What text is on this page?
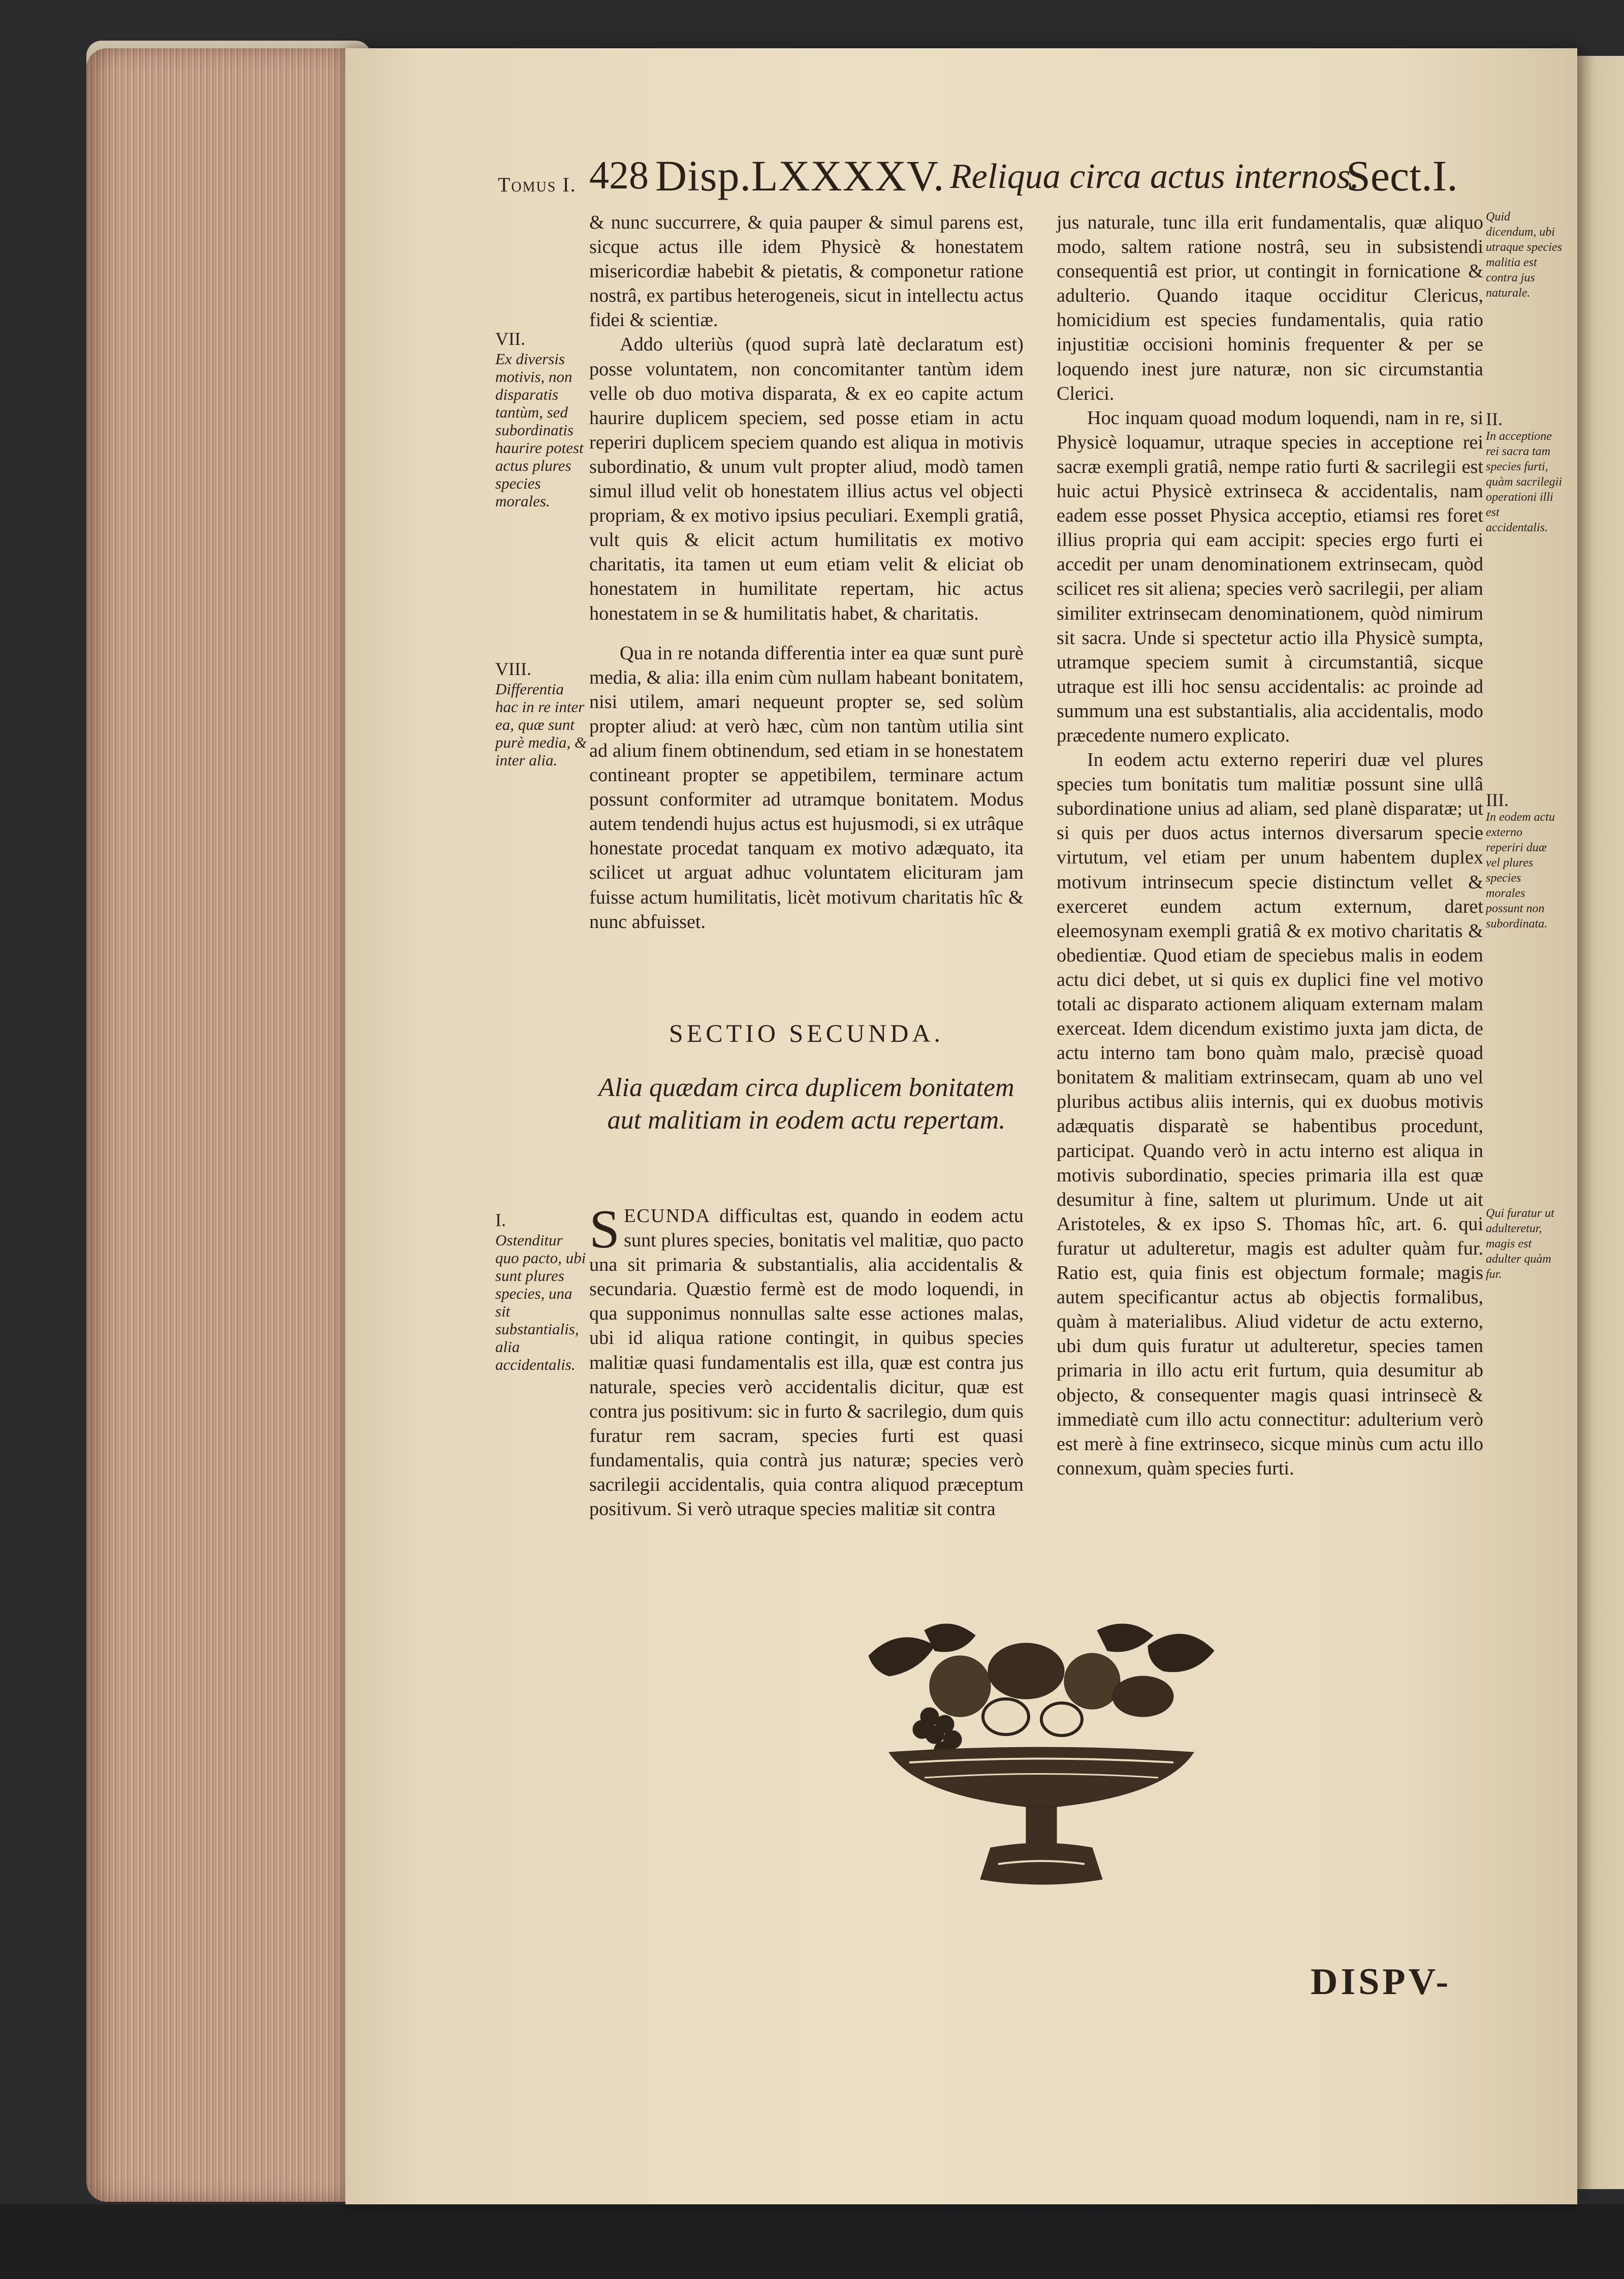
Tomus I. 428 Disp.LXXXXV. Reliqua circa actus internos.
Sect.I.

& nunc succurrere, & quia pauper & simul parens est, sicque actus ille idem Physicè & honestatem misericordiæ habebit & pietatis, & componetur ratione nostrâ, ex partibus heterogeneis, sicut in intellectu actus fidei & scientiæ.

Addo ulteriùs (quod suprà latè declaratum est) posse voluntatem, non concomitanter tantùm idem velle ob duo motiva disparata, & ex eo capite actum haurire duplicem speciem, sed posse etiam in actu reperiri duplicem speciem quando est aliqua in motivis subordinatio, & unum vult propter aliud, modò tamen simul illud velit ob honestatem illius actus vel objecti propriam, & ex motivo ipsius peculiari. Exempli gratiâ, vult quis & elicit actum humilitatis ex motivo charitatis, ita tamen ut eum etiam velit & eliciat ob honestatem in humilitate repertam, hic actus honestatem in se & humilitatis habet, & charitatis.

Qua in re notanda differentia inter ea quæ sunt purè media, & alia: illa enim cùm nullam habeant bonitatem, nisi utilem, amari nequeunt propter se, sed solùm propter aliud: at verò hæc, cùm non tantùm utilia sint ad alium finem obtinendum, sed etiam in se honestatem contineant propter se appetibilem, terminare actum possunt conformiter ad utramque bonitatem. Modus autem tendendi hujus actus est hujusmodi, si ex utrâque honestate procedat tanquam ex motivo adæquato, ita scilicet ut arguat adhuc voluntatem elicituram jam fuisse actum humilitatis, licèt motivum charitatis hîc & nunc abfuisset.

VII.
Ex diversis motivis, non disparatis tantùm, sed subordinatis haurire potest actus plures species morales.
VIII.
Differentia hac in re inter ea, quæ sunt purè media, & inter alia.
I.
Ostenditur quo pacto, ubi sunt plures species, una sit substantialis, alia accidentalis.
SECTIO SECUNDA.
Alia quædam circa duplicem bonitatem aut malitiam in eodem actu repertam.

SECUNDA difficultas est, quando in eodem actu sunt plures species, bonitatis vel malitiæ, quo pacto una sit primaria & substantialis, alia accidentalis & secundaria. Quæstio fermè est de modo loquendi, in qua supponimus nonnullas salte esse actiones malas, ubi id aliqua ratione contingit, in quibus species malitiæ quasi fundamentalis est illa, quæ est contra jus naturale, species verò accidentalis dicitur, quæ est contra jus positivum: sic in furto & sacrilegio, dum quis furatur rem sacram, species furti est quasi fundamentalis, quia contrà jus naturæ; species verò sacrilegii accidentalis, quia contra aliquod præceptum positivum. Si verò utraque species malitiæ sit contra

jus naturale, tunc illa erit fundamentalis, quæ aliquo modo, saltem ratione nostrâ, seu in subsistendi consequentiâ est prior, ut contingit in fornicatione & adulterio. Quando itaque occiditur Clericus, homicidium est species fundamentalis, quia ratio injustitiæ occisioni hominis frequenter & per se loquendo inest jure naturæ, non sic circumstantia Clerici.

Hoc inquam quoad modum loquendi, nam in re, si Physicè loquamur, utraque species in acceptione rei sacræ exempli gratiâ, nempe ratio furti & sacrilegii est huic actui Physicè extrinseca & accidentalis, nam eadem esse posset Physica acceptio, etiamsi res foret illius propria qui eam accipit: species ergo furti ei accedit per unam denominationem extrinsecam, quòd scilicet res sit aliena; species verò sacrilegii, per aliam similiter extrinsecam denominationem, quòd nimirum sit sacra. Unde si spectetur actio illa Physicè sumpta, utramque speciem sumit à circumstantiâ, sicque utraque est illi hoc sensu accidentalis: ac proinde ad summum una est substantialis, alia accidentalis, modo præcedente numero explicato.

In eodem actu externo reperiri duæ vel plures species tum bonitatis tum malitiæ possunt sine ullâ subordinatione unius ad aliam, sed planè disparatæ; ut si quis per duos actus internos diversarum specie virtutum, vel etiam per unum habentem duplex motivum intrinsecum specie distinctum vellet & exerceret eundem actum externum, daret eleemosynam exempli gratiâ & ex motivo charitatis & obedientiæ. Quod etiam de speciebus malis in eodem actu dici debet, ut si quis ex duplici fine vel motivo totali ac disparato actionem aliquam externam malam exerceat. Idem dicendum existimo juxta jam dicta, de actu interno tam bono quàm malo, præcisè quoad bonitatem & malitiam extrinsecam, quam ab uno vel pluribus actibus aliis internis, qui ex duobus motivis adæquatis disparatè se habentibus procedunt, participat. Quando verò in actu interno est aliqua in motivis subordinatio, species primaria illa est quæ desumitur à fine, saltem ut plurimum. Unde ut ait Aristoteles, & ex ipso S. Thomas hîc, art. 6. qui furatur ut adulteretur, magis est adulter quàm fur. Ratio est, quia finis est objectum formale; magis autem specificantur actus ab objectis formalibus, quàm à materialibus. Aliud videtur de actu externo, ubi dum quis furatur ut adulteretur, species tamen primaria in illo actu erit furtum, quia desumitur ab objecto, & consequenter magis quasi intrinsecè & immediatè cum illo actu connectitur: adulterium verò est merè à fine extrinseco, sicque minùs cum actu illo connexum, quàm species furti.

Quid dicendum, ubi utraque species malitia est contra jus naturale.
II.
In acceptione rei sacra tam species furti, quàm sacrilegii operationi illi est accidentalis.
III.
In eodem actu externo reperiri duæ vel plures species morales possunt non subordinata.
Qui furatur ut adulteretur, magis est adulter quàm fur.
DISPV-
